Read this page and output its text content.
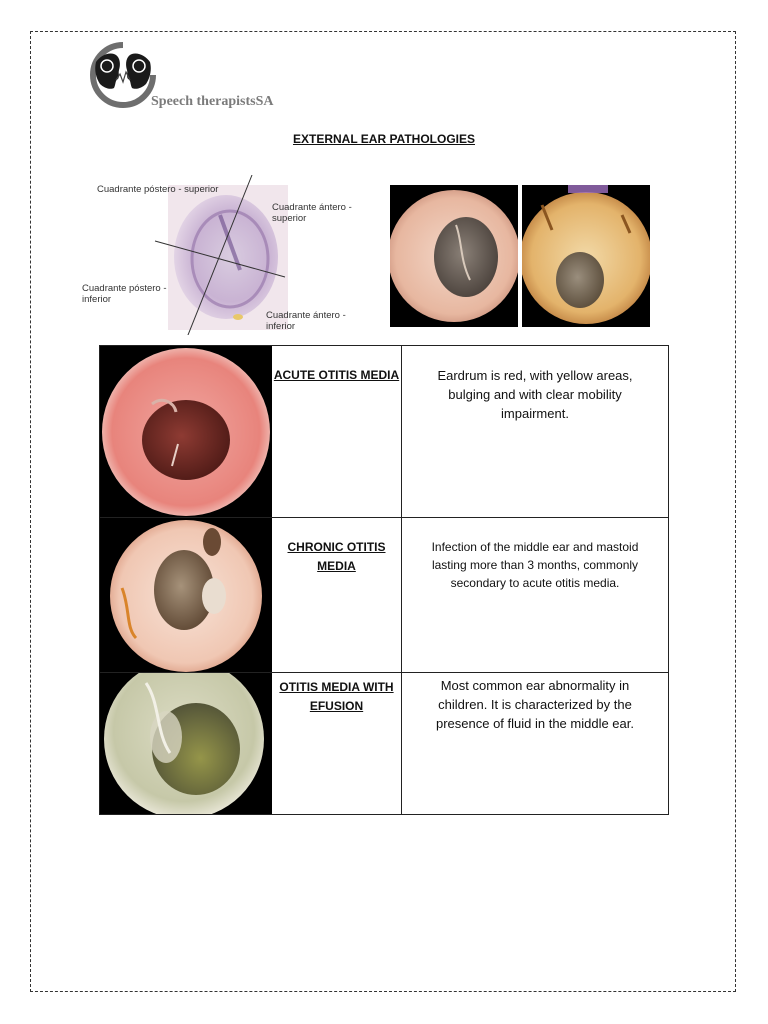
Speech therapistsSA
EXTERNAL EAR PATHOLOGIES
Cuadrante póstero - superior
Cuadrante ántero - superior
Cuadrante póstero - inferior
Cuadrante ántero - inferior
ACUTE OTITIS MEDIA	Eardrum is red, with yellow areas, bulging and with clear mobility impairment.
CHRONIC OTITIS MEDIA
Infection of the middle ear and mastoid lasting more than 3 months, commonly secondary to acute otitis media.
OTITIS MEDIA WITH EFUSION
Most common ear abnormality in children. It is characterized by the presence of fluid in the middle ear.
